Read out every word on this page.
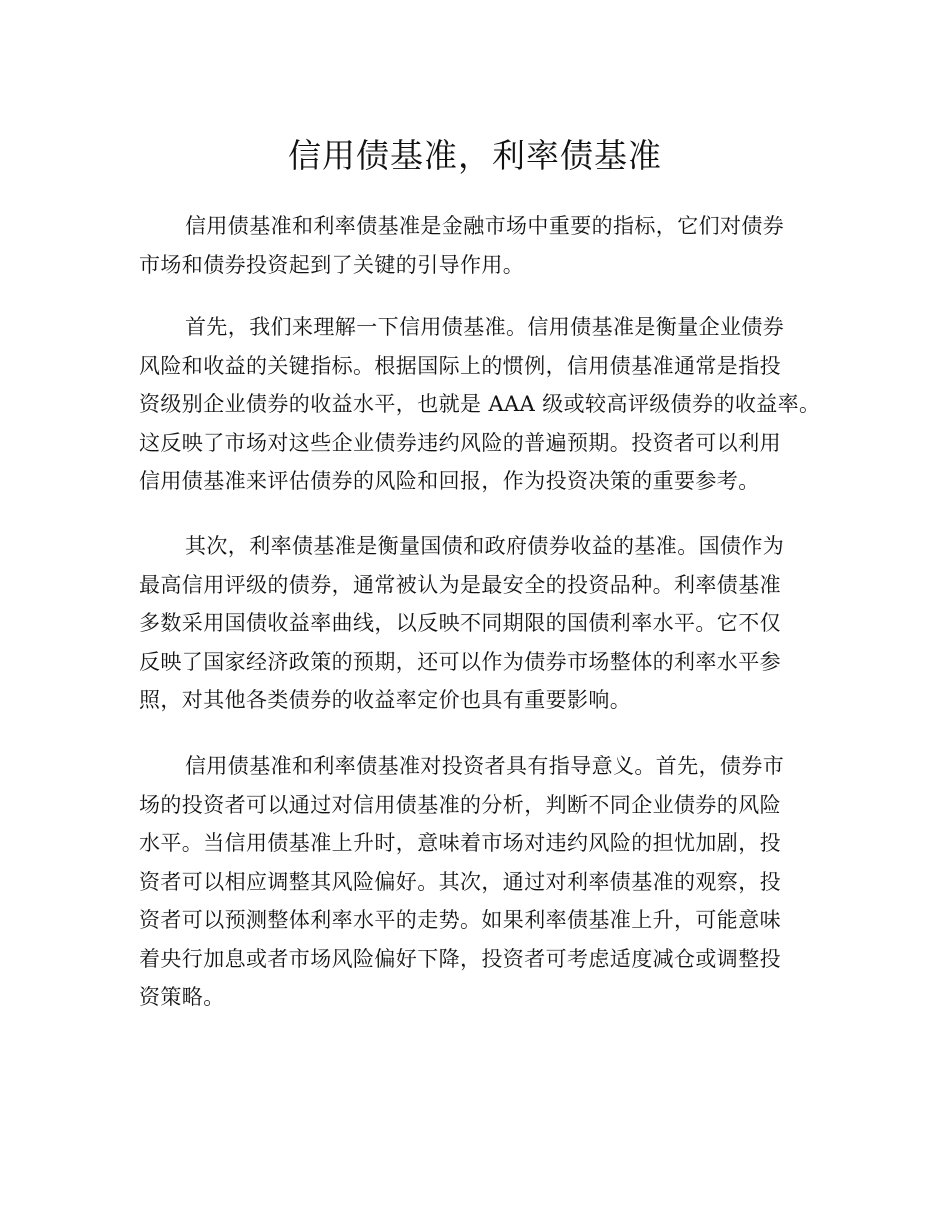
信用债基准，利率债基准
信用债基准和利率债基准是金融市场中重要的指标，它们对债券
市场和债券投资起到了关键的引导作用。
首先，我们来理解一下信用债基准。信用债基准是衡量企业债券
风险和收益的关键指标。根据国际上的惯例，信用债基准通常是指投
资级别企业债券的收益水平，也就是 AAA 级或较高评级债券的收益率。
这反映了市场对这些企业债券违约风险的普遍预期。投资者可以利用
信用债基准来评估债券的风险和回报，作为投资决策的重要参考。
其次，利率债基准是衡量国债和政府债券收益的基准。国债作为
最高信用评级的债券，通常被认为是最安全的投资品种。利率债基准
多数采用国债收益率曲线，以反映不同期限的国债利率水平。它不仅
反映了国家经济政策的预期，还可以作为债券市场整体的利率水平参
照，对其他各类债券的收益率定价也具有重要影响。
信用债基准和利率债基准对投资者具有指导意义。首先，债券市
场的投资者可以通过对信用债基准的分析，判断不同企业债券的风险
水平。当信用债基准上升时，意味着市场对违约风险的担忧加剧，投
资者可以相应调整其风险偏好。其次，通过对利率债基准的观察，投
资者可以预测整体利率水平的走势。如果利率债基准上升，可能意味
着央行加息或者市场风险偏好下降，投资者可考虑适度减仓或调整投
资策略。
